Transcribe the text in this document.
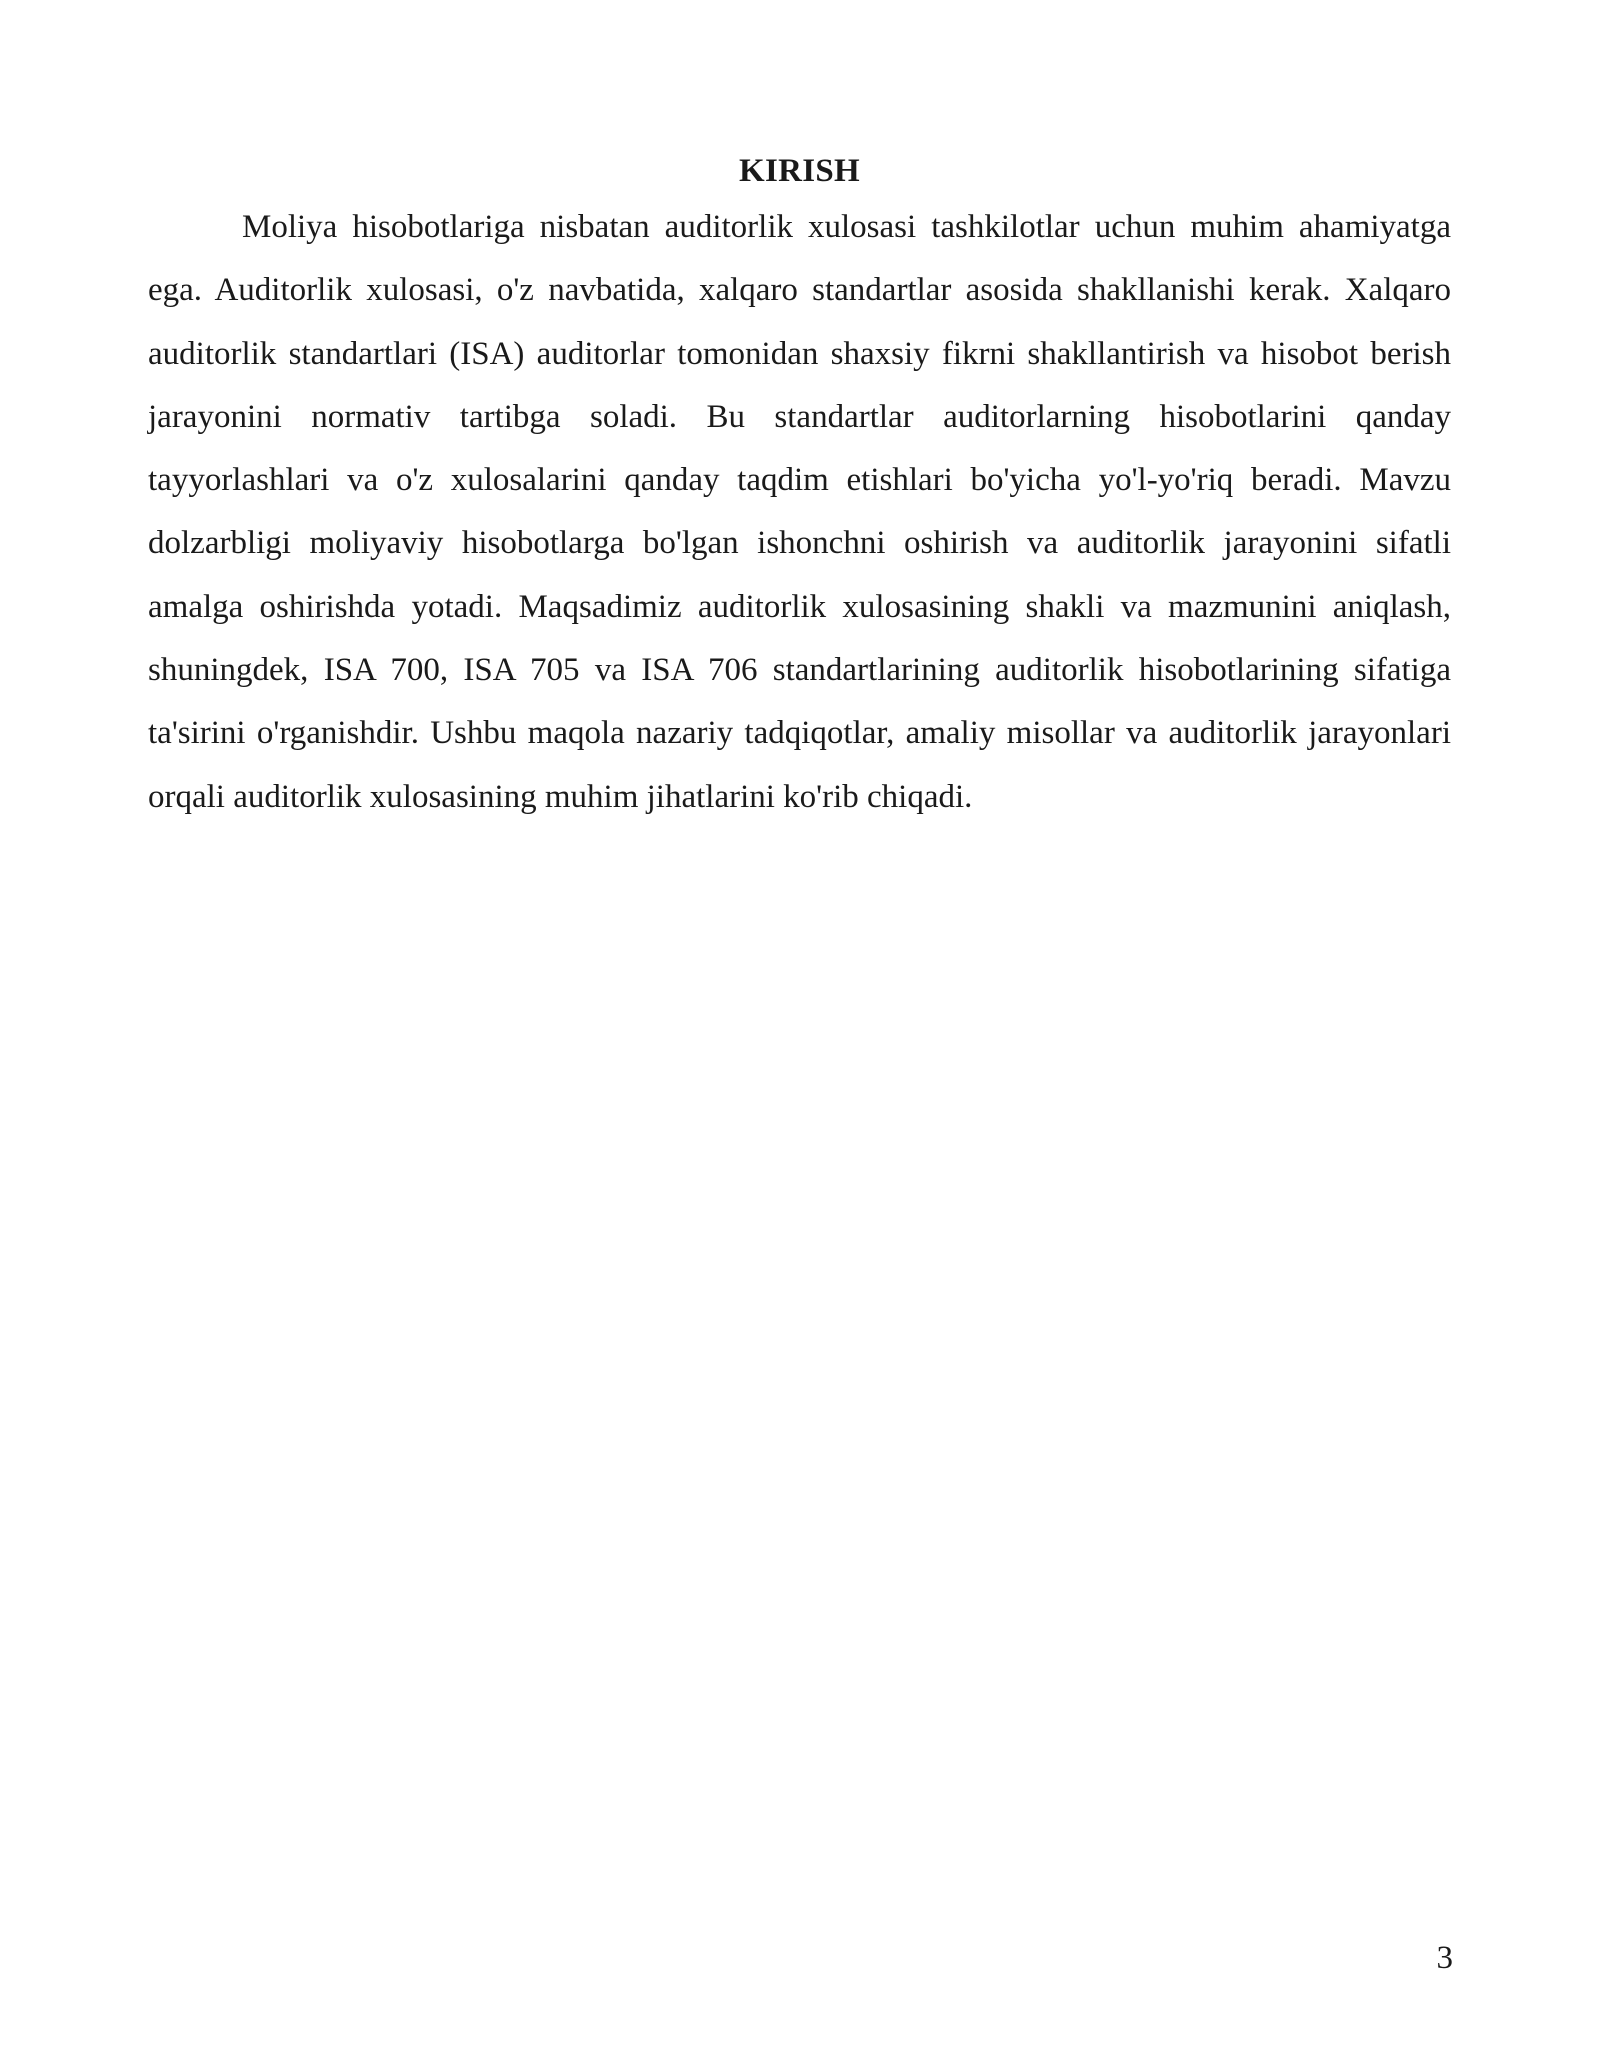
KIRISH

Moliya hisobotlariga nisbatan auditorlik xulosasi tashkilotlar uchun muhim ahamiyatga ega. Auditorlik xulosasi, o'z navbatida, xalqaro standartlar asosida shakllanishi kerak. Xalqaro auditorlik standartlari (ISA) auditorlar tomonidan shaxsiy fikrni shakllantirish va hisobot berish jarayonini normativ tartibga soladi. Bu standartlar auditorlarning hisobotlarini qanday tayyorlashlari va o'z xulosalarini qanday taqdim etishlari bo'yicha yo'l-yo'riq beradi. Mavzu dolzarbligi moliyaviy hisobotlarga bo'lgan ishonchni oshirish va auditorlik jarayonini sifatli amalga oshirishda yotadi. Maqsadimiz auditorlik xulosasining shakli va mazmunini aniqlash, shuningdek, ISA 700, ISA 705 va ISA 706 standartlarining auditorlik hisobotlarining sifatiga ta'sirini o'rganishdir. Ushbu maqola nazariy tadqiqotlar, amaliy misollar va auditorlik jarayonlari orqali auditorlik xulosasining muhim jihatlarini ko'rib chiqadi.

3
